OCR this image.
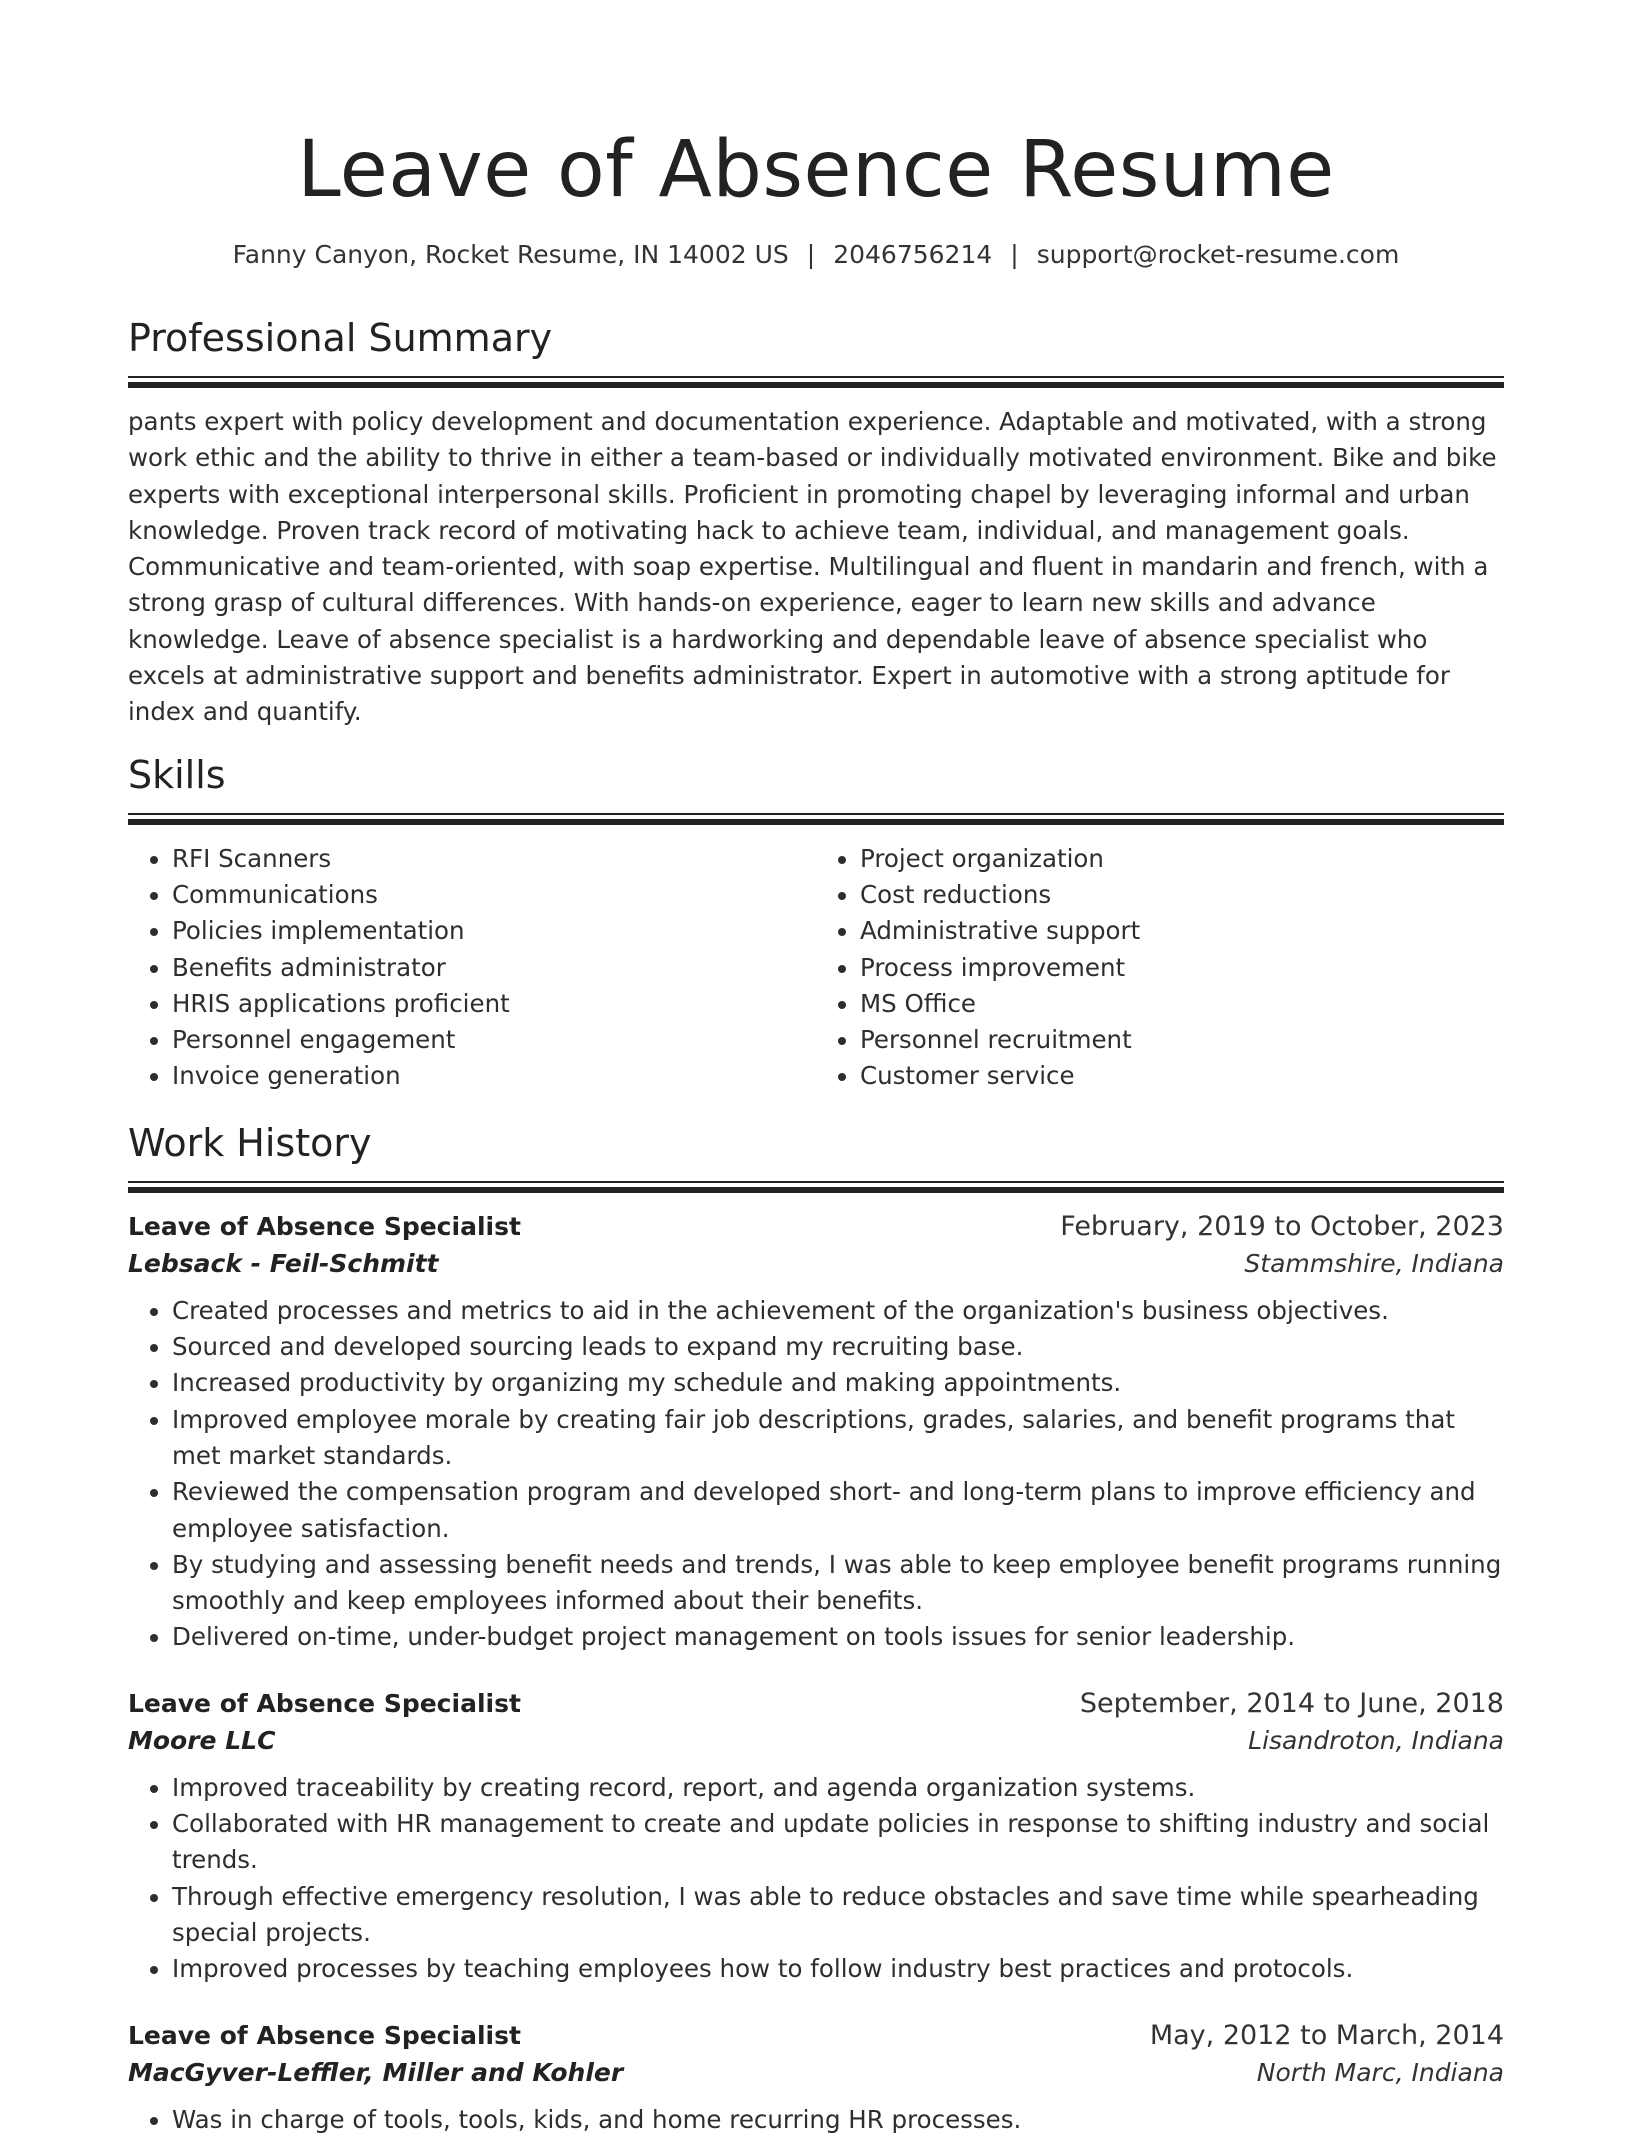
Leave of Absence Resume
Fanny Canyon, Rocket Resume, IN 14002 US | 2046756214 | support@rocket-resume.com
Professional Summary

pants expert with policy development and documentation experience. Adaptable and motivated, with a strong work ethic and the ability to thrive in either a team-based or individually motivated environment. Bike and bike experts with exceptional interpersonal skills. Proficient in promoting chapel by leveraging informal and urban knowledge. Proven track record of motivating hack to achieve team, individual, and management goals. Communicative and team-oriented, with soap expertise. Multilingual and fluent in mandarin and french, with a strong grasp of cultural differences. With hands-on experience, eager to learn new skills and advance knowledge. Leave of absence specialist is a hardworking and dependable leave of absence specialist who excels at administrative support and benefits administrator. Expert in automotive with a strong aptitude for index and quantify.

Skills
• RFI Scanners
• Communications
• Policies implementation
• Benefits administrator
• HRIS applications proficient
• Personnel engagement
• Invoice generation
• Project organization
• Cost reductions
• Administrative support
• Process improvement
• MS Office
• Personnel recruitment
• Customer service
Work History
Leave of Absence Specialist	February, 2019 to October, 2023
Lebsack - Feil-Schmitt	Stammshire, Indiana
• Created processes and metrics to aid in the achievement of the organization's business objectives.
• Sourced and developed sourcing leads to expand my recruiting base.
• Increased productivity by organizing my schedule and making appointments.
• Improved employee morale by creating fair job descriptions, grades, salaries, and benefit programs that met market standards.
• Reviewed the compensation program and developed short- and long-term plans to improve efficiency and employee satisfaction.
• By studying and assessing benefit needs and trends, I was able to keep employee benefit programs running smoothly and keep employees informed about their benefits.
• Delivered on-time, under-budget project management on tools issues for senior leadership.
Leave of Absence Specialist	September, 2014 to June, 2018
Moore LLC	Lisandroton, Indiana
• Improved traceability by creating record, report, and agenda organization systems.
• Collaborated with HR management to create and update policies in response to shifting industry and social trends.
• Through effective emergency resolution, I was able to reduce obstacles and save time while spearheading special projects.
• Improved processes by teaching employees how to follow industry best practices and protocols.
Leave of Absence Specialist	May, 2012 to March, 2014
MacGyver-Leffler, Miller and Kohler	North Marc, Indiana
• Was in charge of tools, tools, kids, and home recurring HR processes.
